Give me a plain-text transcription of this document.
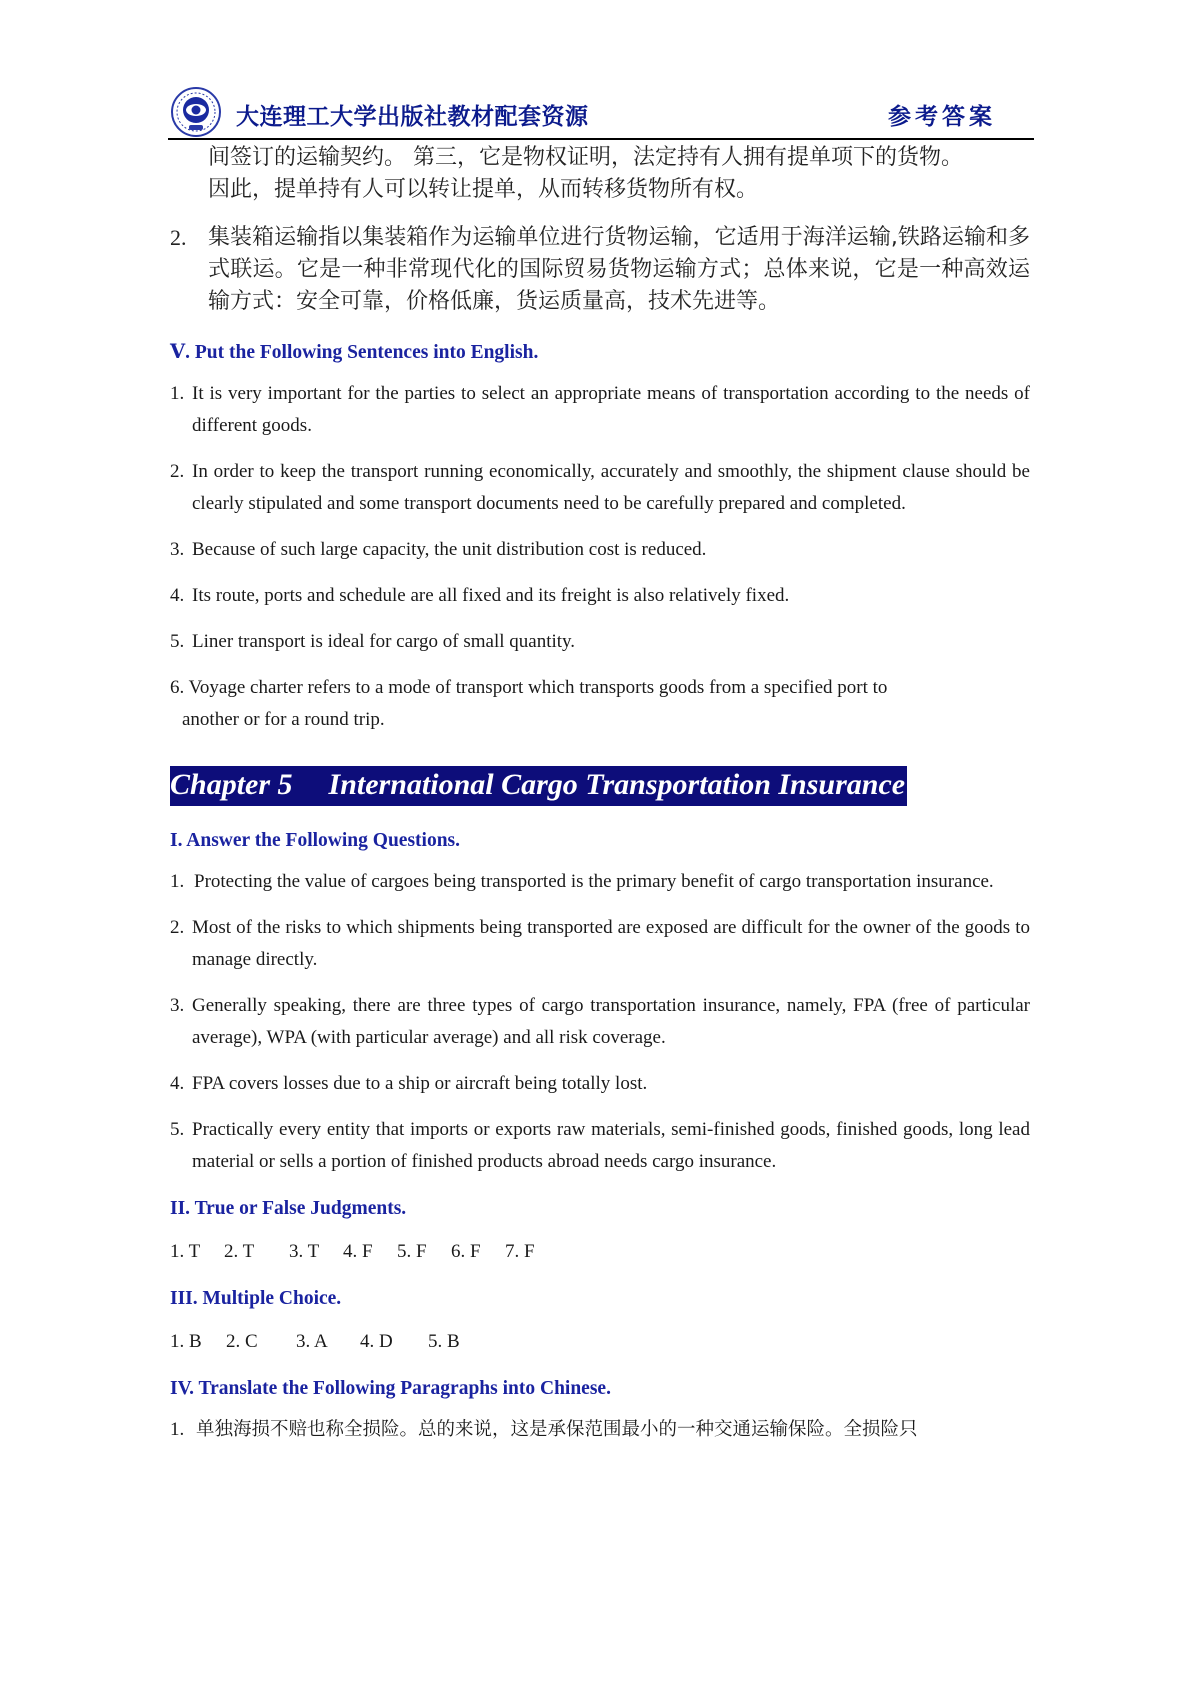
大连理工大学出版社教材配套资源	参考答案
间签订的运输契约。 第三，它是物权证明，法定持有人拥有提单项下的货物。
因此，提单持有人可以转让提单，从而转移货物所有权。
2. 集装箱运输指以集装箱作为运输单位进行货物运输，它适用于海洋运输,铁路运输和多式联运。它是一种非常现代化的国际贸易货物运输方式；总体来说，它是一种高效运输方式：安全可靠，价格低廉，货运质量高，技术先进等。
Ⅴ. Put the Following Sentences into English.
1. It is very important for the parties to select an appropriate means of transportation according to the needs of different goods.
2. In order to keep the transport running economically, accurately and smoothly, the shipment clause should be clearly stipulated and some transport documents need to be carefully prepared and completed.
3. Because of such large capacity, the unit distribution cost is reduced.
4. Its route, ports and schedule are all fixed and its freight is also relatively fixed.
5. Liner transport is ideal for cargo of small quantity.
6. Voyage charter refers to a mode of transport which transports goods from a specified port to
another or for a round trip.
Chapter 5 International Cargo Transportation Insurance
I. Answer the Following Questions.
1. Protecting the value of cargoes being transported is the primary benefit of cargo transportation insurance.
2. Most of the risks to which shipments being transported are exposed are difficult for the owner of the goods to manage directly.
3. Generally speaking, there are three types of cargo transportation insurance, namely, FPA (free of particular average), WPA (with particular average) and all risk coverage.
4. FPA covers losses due to a ship or aircraft being totally lost.
5. Practically every entity that imports or exports raw materials, semi-finished goods, finished goods, long lead material or sells a portion of finished products abroad needs cargo insurance.
II. True or False Judgments.
1. T 2. T 3. T 4. F 5. F 6. F 7. F
III. Multiple Choice.
1. B 2. C 3. A 4. D 5. B
IV. Translate the Following Paragraphs into Chinese.
1. 单独海损不赔也称全损险。总的来说，这是承保范围最小的一种交通运输保险。全损险只
